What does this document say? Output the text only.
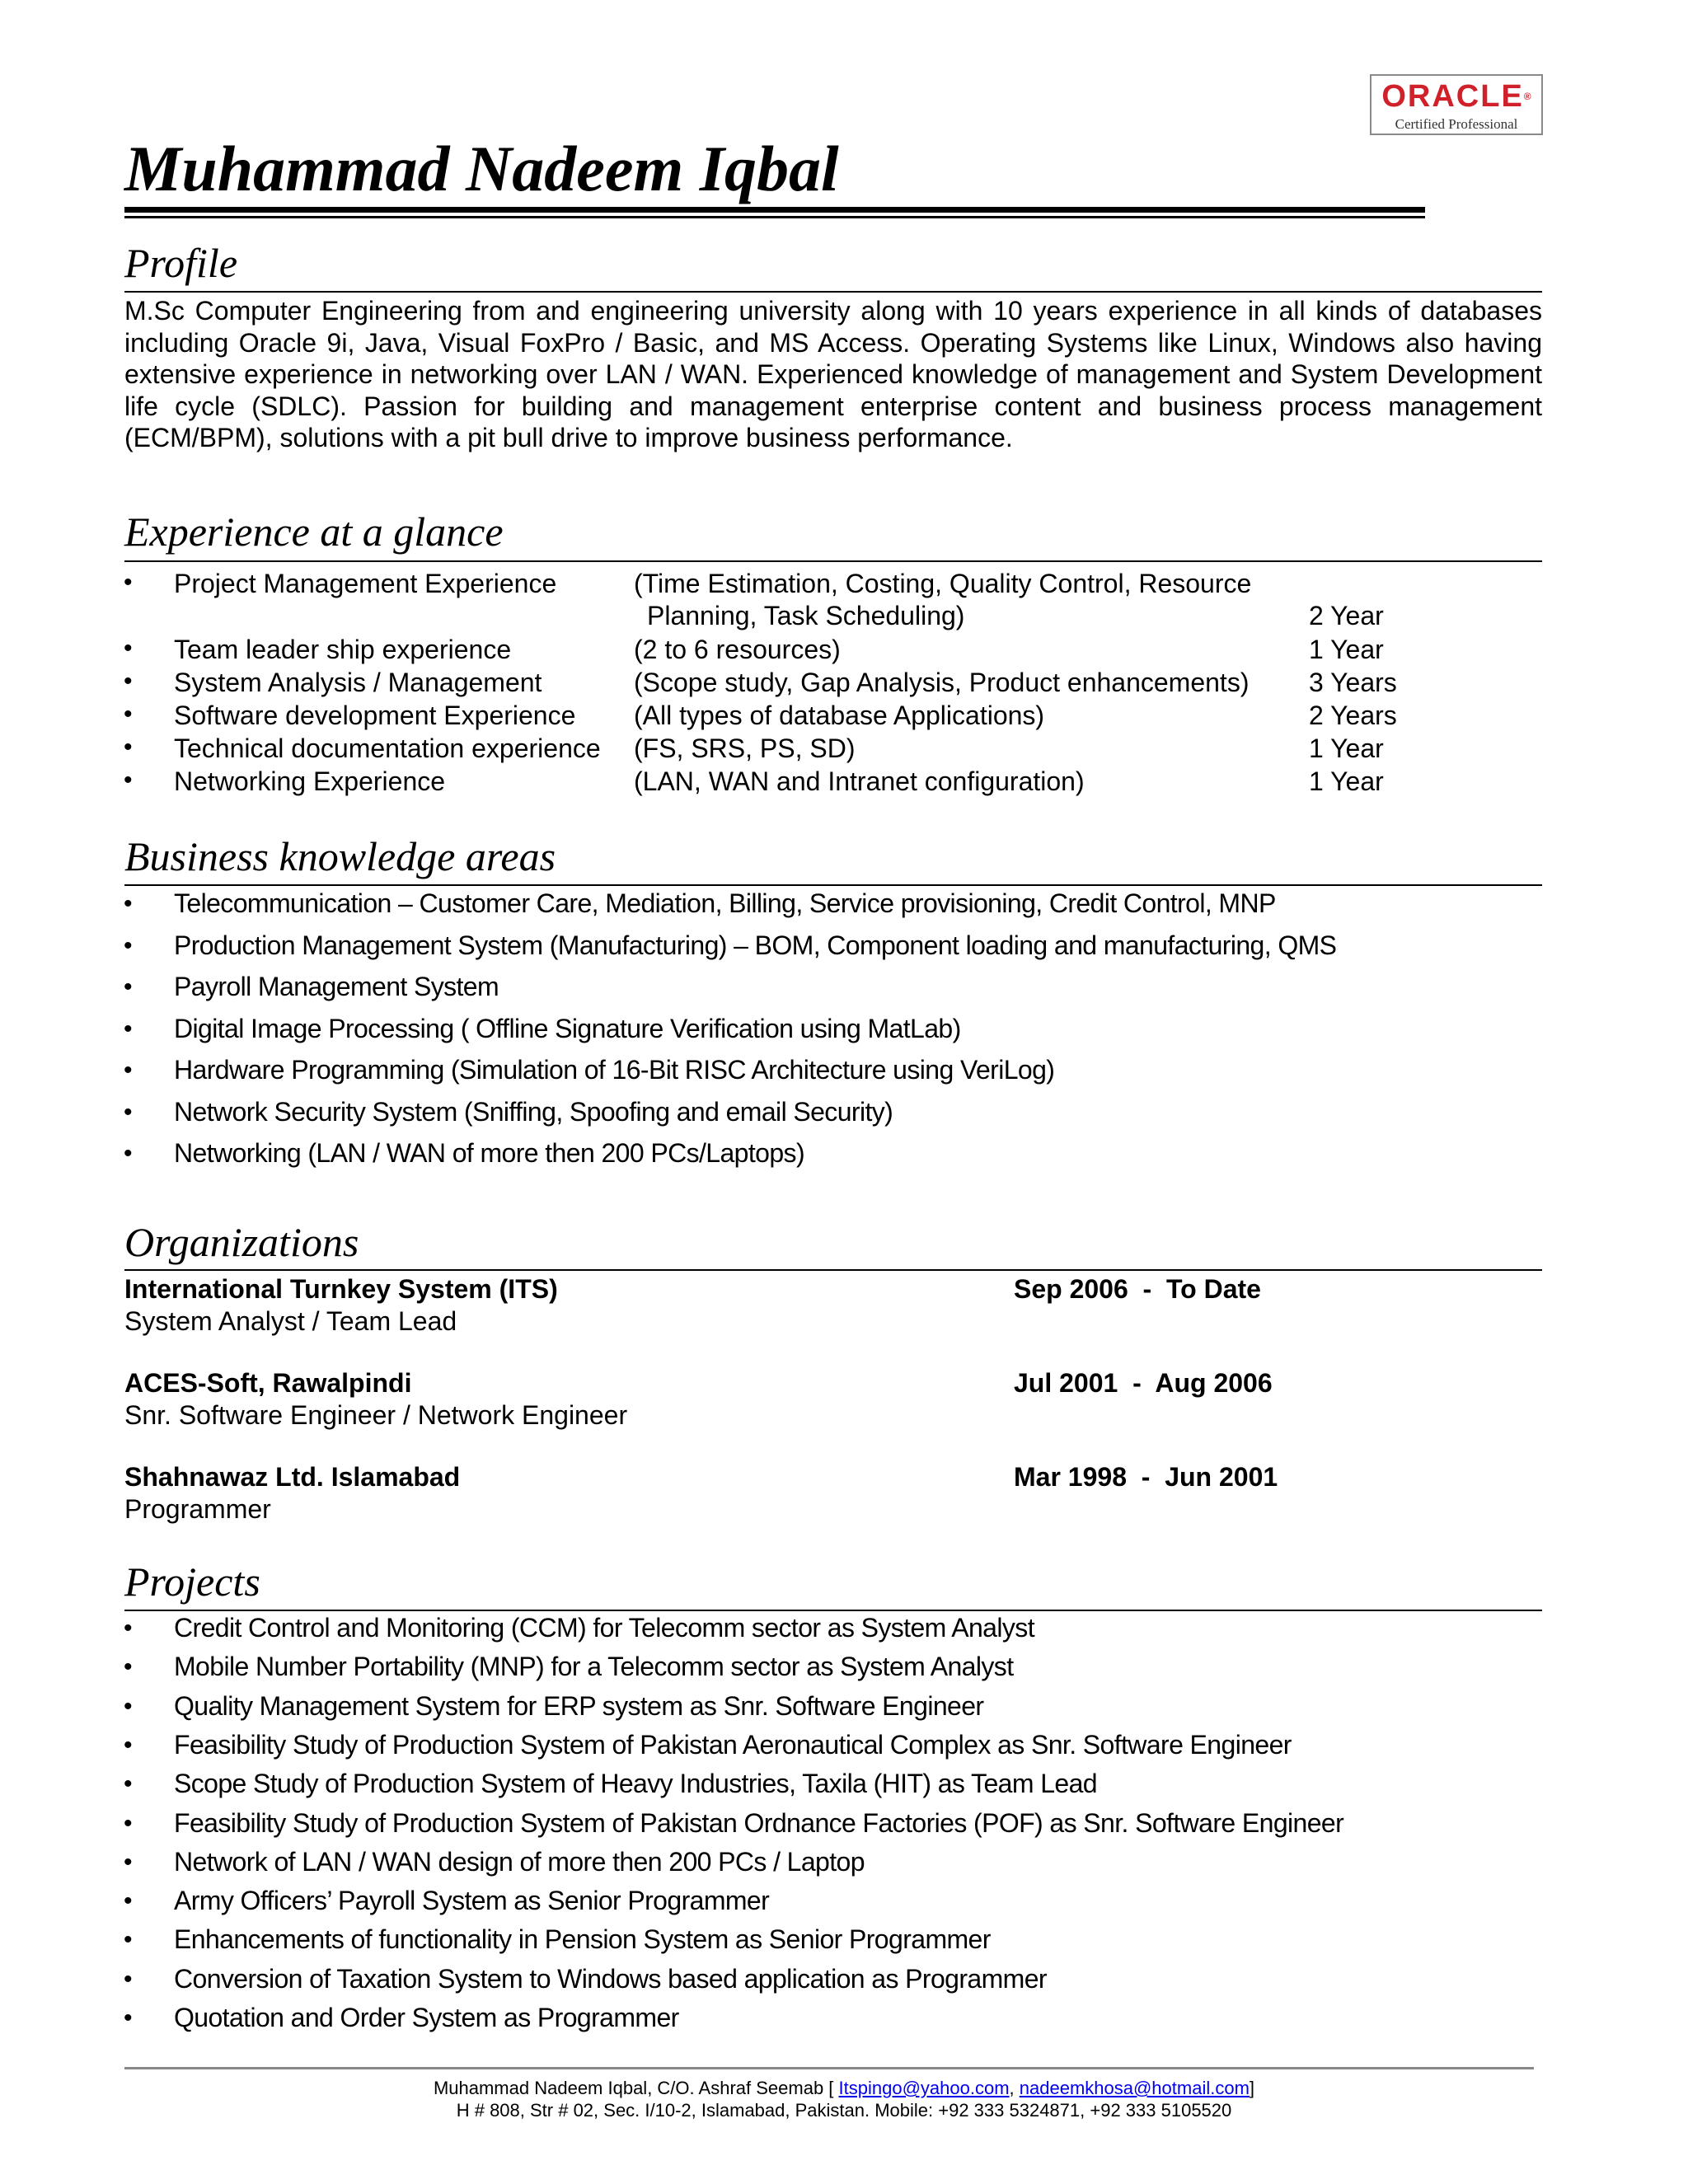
ORACLE®
Certified Professional
Muhammad Nadeem Iqbal
Profile
M.Sc Computer Engineering from and engineering university along with 10 years experience in all kinds of databases including Oracle 9i, Java, Visual FoxPro / Basic, and MS Access. Operating Systems like Linux, Windows also having extensive experience in networking over LAN / WAN. Experienced knowledge of management and System Development life cycle (SDLC). Passion for building and management enterprise content and business process management (ECM/BPM), solutions with a pit bull drive to improve business performance.
Experience at a glance
• Project Management Experience	(Time Estimation, Costing, Quality Control, Resource
Planning, Task Scheduling)	2 Year
• Team leader ship experience	(2 to 6 resources)	1 Year
• System Analysis / Management	(Scope study, Gap Analysis, Product enhancements) 3 Years
• Software development Experience (All types of database Applications)	2 Years
• Technical documentation experience (FS, SRS, PS, SD)	1 Year
• Networking Experience	(LAN, WAN and Intranet configuration)	1 Year
Business knowledge areas
• Telecommunication – Customer Care, Mediation, Billing, Service provisioning, Credit Control, MNP
• Production Management System (Manufacturing) – BOM, Component loading and manufacturing, QMS
• Payroll Management System
• Digital Image Processing ( Offline Signature Verification using MatLab)
• Hardware Programming (Simulation of 16-Bit RISC Architecture using VeriLog)
• Network Security System (Sniffing, Spoofing and email Security)
• Networking (LAN / WAN of more then 200 PCs/Laptops)
Organizations
International Turnkey System (ITS)	Sep 2006  -  To Date
System Analyst / Team Lead
ACES-Soft, Rawalpindi	Jul 2001  -  Aug 2006
Snr. Software Engineer / Network Engineer
Shahnawaz Ltd. Islamabad	Mar 1998  -  Jun 2001
Programmer
Projects
• Credit Control and Monitoring (CCM) for Telecomm sector as System Analyst
• Mobile Number Portability (MNP) for a Telecomm sector as System Analyst
• Quality Management System for ERP system as Snr. Software Engineer
• Feasibility Study of Production System of Pakistan Aeronautical Complex as Snr. Software Engineer
• Scope Study of Production System of Heavy Industries, Taxila (HIT) as Team Lead
• Feasibility Study of Production System of Pakistan Ordnance Factories (POF) as Snr. Software Engineer
• Network of LAN / WAN design of more then 200 PCs / Laptop
• Army Officers’ Payroll System as Senior Programmer
• Enhancements of functionality in Pension System as Senior Programmer
• Conversion of Taxation System to Windows based application as Programmer
• Quotation and Order System as Programmer
Muhammad Nadeem Iqbal, C/O. Ashraf Seemab [ Itspingo@yahoo.com, nadeemkhosa@hotmail.com]
H # 808, Str # 02, Sec. I/10-2, Islamabad, Pakistan. Mobile: +92 333 5324871, +92 333 5105520
